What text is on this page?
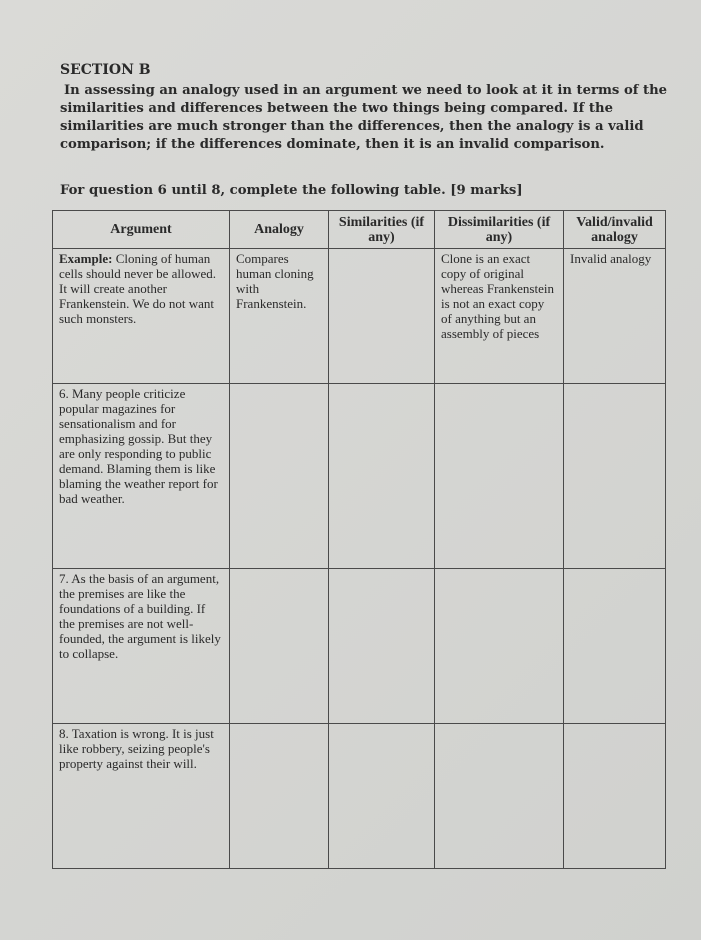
SECTION B
In assessing an analogy used in an argument we need to look at it in terms of the similarities and differences between the two things being compared. If the similarities are much stronger than the differences, then the analogy is a valid comparison; if the differences dominate, then it is an invalid comparison.
For question 6 until 8, complete the following table. [9 marks]
Argument	Analogy	Similarities (if any)	Dissimilarities (if any)	Valid/invalid analogy
Example: Cloning of human cells should never be allowed. It will create another Frankenstein. We do not want such monsters.	Compares human cloning with Frankenstein.		Clone is an exact copy of original whereas Frankenstein is not an exact copy of anything but an assembly of pieces	Invalid analogy
6. Many people criticize popular magazines for sensationalism and for emphasizing gossip. But they are only responding to public demand. Blaming them is like blaming the weather report for bad weather.				
7. As the basis of an argument, the premises are like the foundations of a building. If the premises are not well-founded, the argument is likely to collapse.				
8. Taxation is wrong. It is just like robbery, seizing people's property against their will.				
